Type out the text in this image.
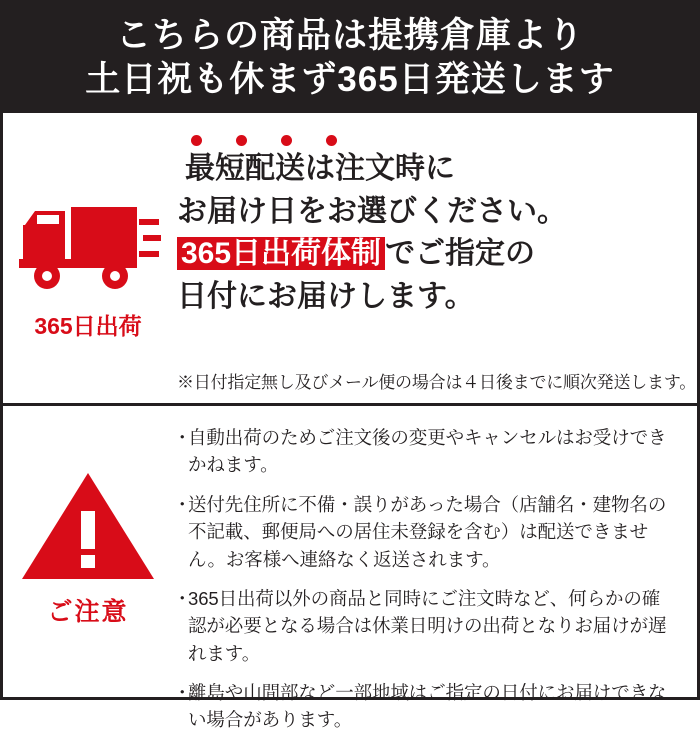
こちらの商品は提携倉庫より
土日祝も休まず365日発送します
365日出荷
最短配送は注文時に
お届け日をお選びください。
365日出荷体制 でご指定の
日付にお届けします。
※日付指定無し及びメール便の場合は４日後までに順次発送します。
ご注意
・
自動出荷のためご注文後の変更やキャンセルはお受けできかねます。
・
送付先住所に不備・誤りがあった場合（店舗名・建物名の不記載、郵便局への居住未登録を含む）は配送できません。お客様へ連絡なく返送されます。
・
365日出荷以外の商品と同時にご注文時など、何らかの確認が必要となる場合は休業日明けの出荷となりお届けが遅れます。
・
離島や山間部など一部地域はご指定の日付にお届けできない場合があります。
